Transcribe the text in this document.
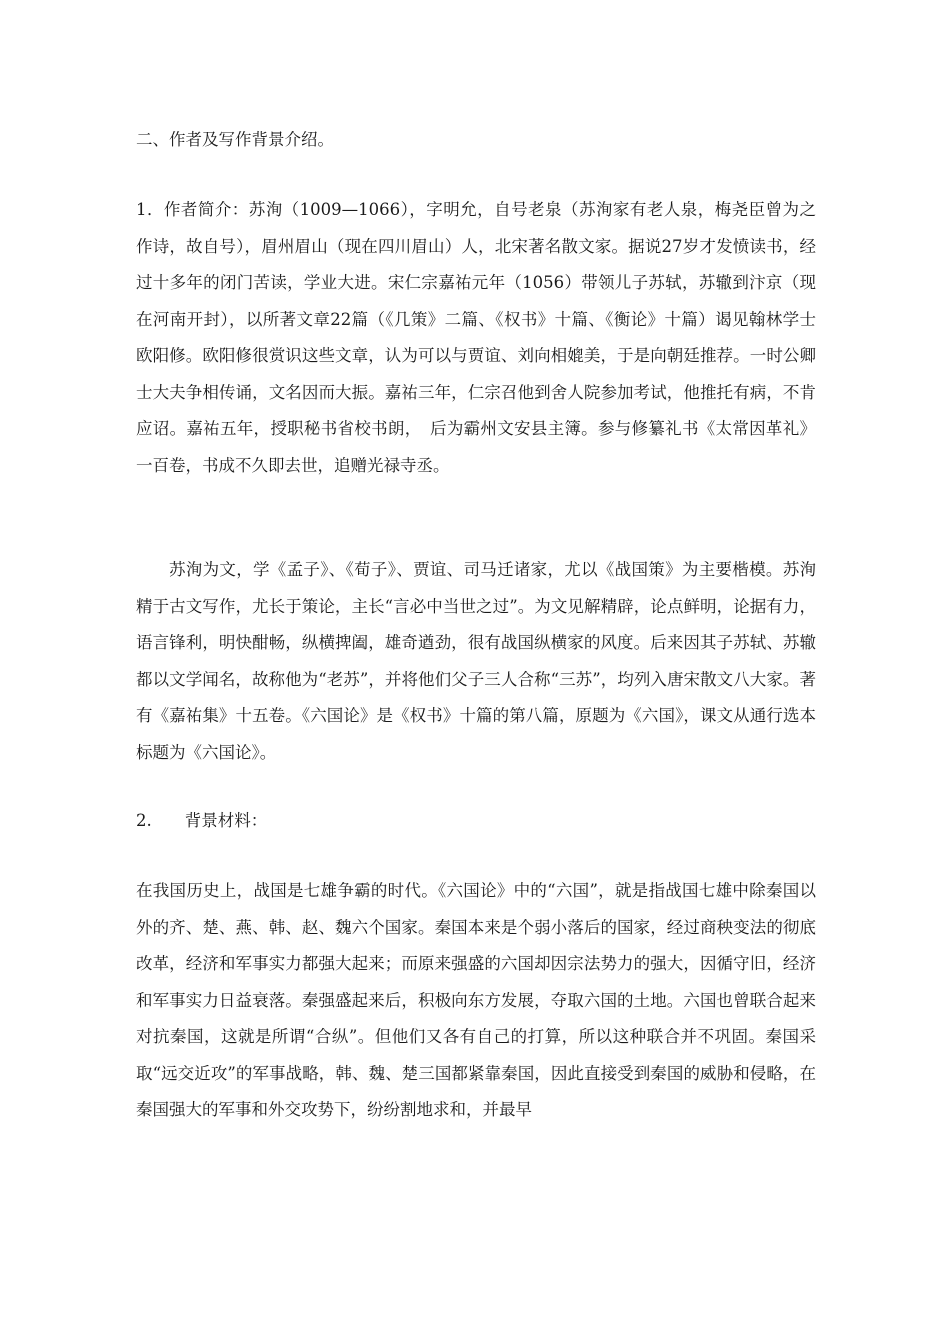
二、作者及写作背景介绍。

1．作者简介：苏洵（1009—1066），字明允，自号老泉（苏洵家有老人泉，梅尧臣曾为之作诗，故自号），眉州眉山（现在四川眉山）人，北宋著名散文家。据说27岁才发愤读书，经过十多年的闭门苦读，学业大进。宋仁宗嘉祐元年（1056）带领儿子苏轼，苏辙到汴京（现在河南开封），以所著文章22篇（《几策》二篇、《权书》十篇、《衡论》十篇）谒见翰林学士欧阳修。欧阳修很赏识这些文章，认为可以与贾谊、刘向相媲美，于是向朝廷推荐。一时公卿士大夫争相传诵，文名因而大振。嘉祐三年，仁宗召他到舍人院参加考试，他推托有病，不肯应诏。嘉祐五年，授职秘书省校书朗，　后为霸州文安县主簿。参与修纂礼书《太常因革礼》一百卷，书成不久即去世，追赠光禄寺丞。

苏洵为文，学《孟子》、《荀子》、贾谊、司马迁诸家，尤以《战国策》为主要楷模。苏洵精于古文写作，尤长于策论，主长“言必中当世之过”。为文见解精辟，论点鲜明，论据有力，语言锋利，明快酣畅，纵横捭阖，雄奇遒劲，很有战国纵横家的风度。后来因其子苏轼、苏辙都以文学闻名，故称他为“老苏”，并将他们父子三人合称“三苏”，均列入唐宋散文八大家。著有《嘉祐集》十五卷。《六国论》是《权书》十篇的第八篇，原题为《六国》，课文从通行选本标题为《六国论》。

2.　　背景材料：

在我国历史上，战国是七雄争霸的时代。《六国论》中的“六国”，就是指战国七雄中除秦国以外的齐、楚、燕、韩、赵、魏六个国家。秦国本来是个弱小落后的国家，经过商秧变法的彻底改革，经济和军事实力都强大起来；而原来强盛的六国却因宗法势力的强大，因循守旧，经济和军事实力日益衰落。秦强盛起来后，积极向东方发展，夺取六国的土地。六国也曾联合起来对抗秦国，这就是所谓“合纵”。但他们又各有自己的打算，所以这种联合并不巩固。秦国采取“远交近攻”的军事战略，韩、魏、楚三国都紧靠秦国，因此直接受到秦国的威胁和侵略，在秦国强大的军事和外交攻势下，纷纷割地求和，并最早
